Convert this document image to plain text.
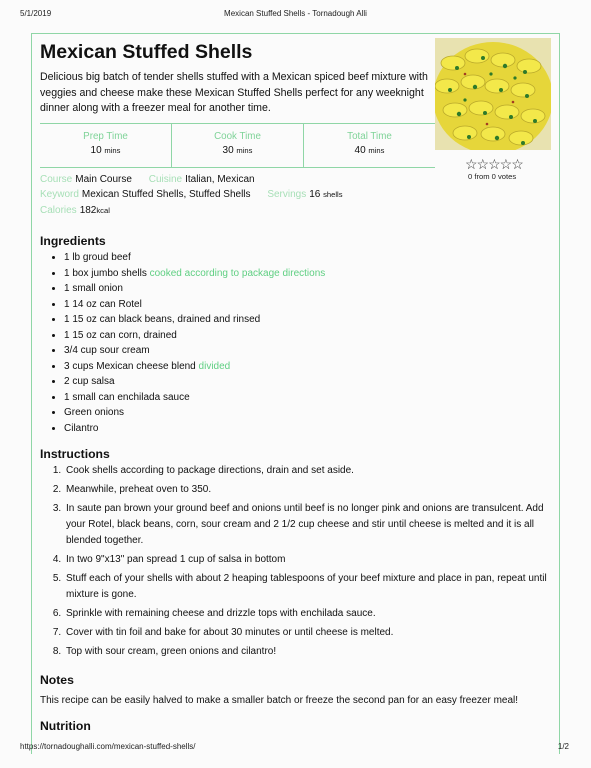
5/1/2019	Mexican Stuffed Shells - Tornadough Alli
Mexican Stuffed Shells
Delicious big batch of tender shells stuffed with a Mexican spiced beef mixture with veggies and cheese make these Mexican Stuffed Shells perfect for any weeknight dinner along with a freezer meal for another time.
☆☆☆☆☆
0 from 0 votes
Prep Time
10 mins
Cook Time
30 mins
Total Time
40 mins
Course Main Course Cuisine Italian, Mexican
Keyword Mexican Stuffed Shells, Stuffed Shells Servings 16 shells
Calories 182kcal
Ingredients
• 1 lb groud beef
• 1 box jumbo shells cooked according to package directions
• 1 small onion
• 1 14 oz can Rotel
• 1 15 oz can black beans, drained and rinsed
• 1 15 oz can corn, drained
• 3/4 cup sour cream
• 3 cups Mexican cheese blend divided
• 2 cup salsa
• 1 small can enchilada sauce
• Green onions
• Cilantro
Instructions
1. Cook shells according to package directions, drain and set aside.
2. Meanwhile, preheat oven to 350.
3. In saute pan brown your ground beef and onions until beef is no longer pink and onions are transulcent. Add your Rotel, black beans, corn, sour cream and 2 1/2 cup cheese and stir until cheese is melted and it is all blended together.
4. In two 9"x13" pan spread 1 cup of salsa in bottom
5. Stuff each of your shells with about 2 heaping tablespoons of your beef mixture and place in pan, repeat until mixture is gone.
6. Sprinkle with remaining cheese and drizzle tops with enchilada sauce.
7. Cover with tin foil and bake for about 30 minutes or until cheese is melted.
8. Top with sour cream, green onions and cilantro!
Notes
This recipe can be easily halved to make a smaller batch or freeze the second pan for an easy freezer meal!
Nutrition
https://tornadoughalli.com/mexican-stuffed-shells/	1/2
